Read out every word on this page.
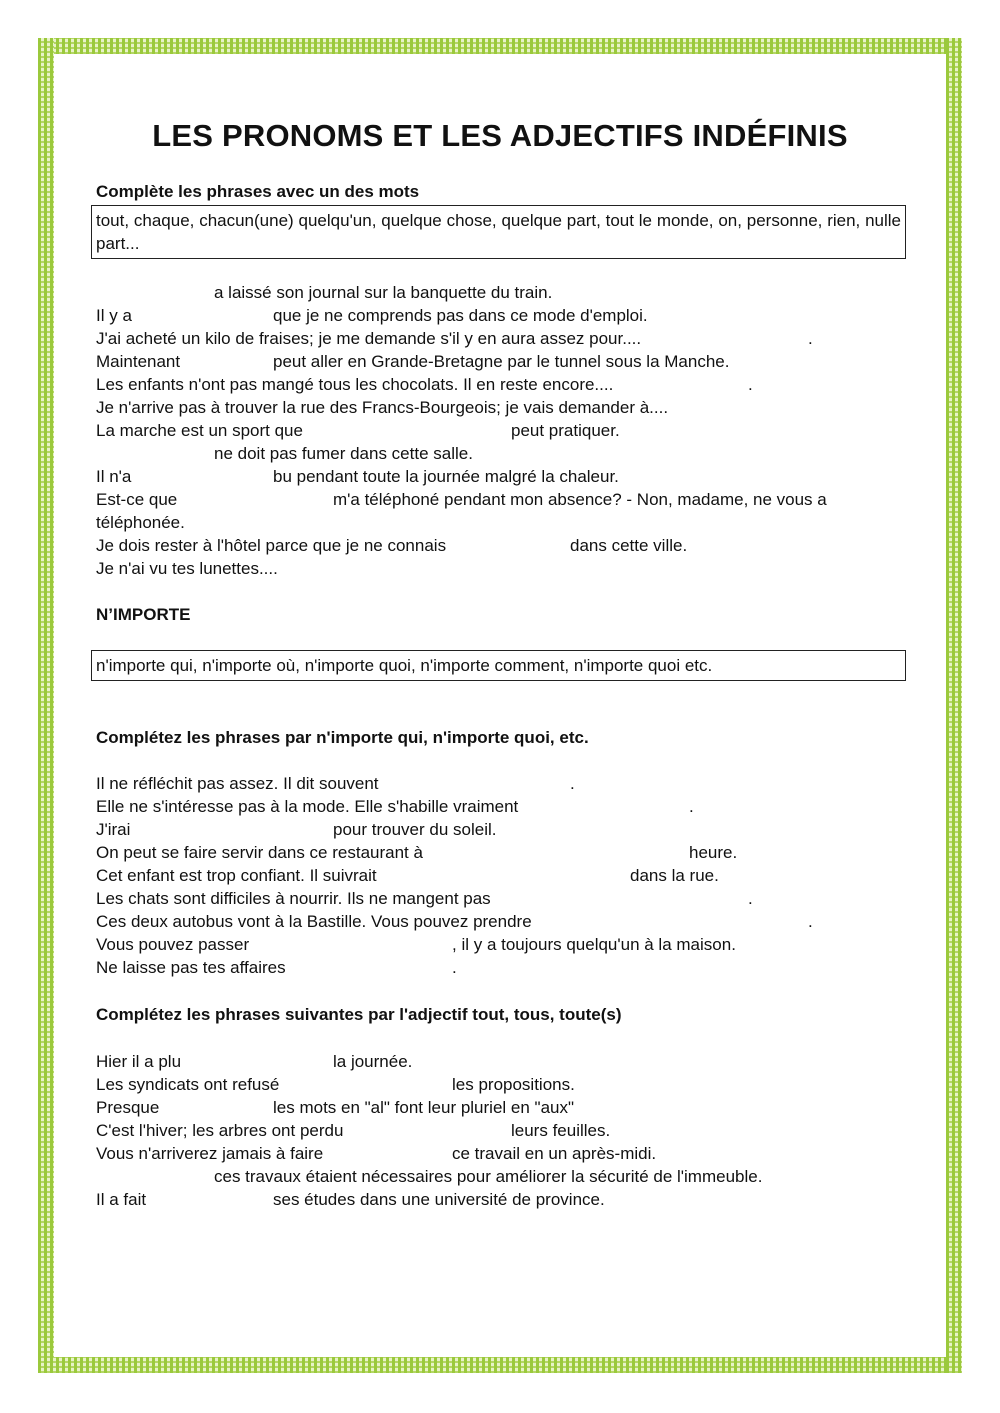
LES PRONOMS ET LES ADJECTIFS INDÉFINIS
Complète les phrases avec un des mots
tout, chaque, chacun(une) quelqu'un, quelque chose, quelque part, tout le monde, on, personne, rien, nulle part...
a laissé son journal sur la banquette du train.
Il y a	que je ne comprends pas dans ce mode d'emploi.
J'ai acheté un kilo de fraises; je me demande s'il y en aura assez pour....	.
Maintenant	peut aller en Grande-Bretagne par le tunnel sous la Manche.
Les enfants n'ont pas mangé tous les chocolats. Il en reste encore....	.
Je n'arrive pas à trouver la rue des Francs-Bourgeois; je vais demander à....
La marche est un sport que	peut pratiquer.
ne doit pas fumer dans cette salle.
Il n'a	bu pendant toute la journée malgré la chaleur.
Est-ce que	m'a téléphoné pendant mon absence? - Non, madame, ne vous a
téléphonée.
Je dois rester à l'hôtel parce que je ne connais	dans cette ville.
Je n'ai vu tes lunettes....
N’IMPORTE
n'importe qui, n'importe où, n'importe quoi, n'importe comment, n'importe quoi etc.
Complétez les phrases par n'importe qui, n'importe quoi, etc.
Il ne réfléchit pas assez. Il dit souvent	.
Elle ne s'intéresse pas à la mode. Elle s'habille vraiment	.
J'irai	pour trouver du soleil.
On peut se faire servir dans ce restaurant à	heure.
Cet enfant est trop confiant. Il suivrait	dans la rue.
Les chats sont difficiles à nourrir. Ils ne mangent pas	.
Ces deux autobus vont à la Bastille. Vous pouvez prendre	.
Vous pouvez passer	, il y a toujours quelqu'un à la maison.
Ne laisse pas tes affaires	.
Complétez les phrases suivantes par l'adjectif tout, tous, toute(s)
Hier il a plu	la journée.
Les syndicats ont refusé	les propositions.
Presque	les mots en "al" font leur pluriel en "aux"
C'est l'hiver; les arbres ont perdu	leurs feuilles.
Vous n'arriverez jamais à faire	ce travail en un après-midi.
ces travaux étaient nécessaires pour améliorer la sécurité de l'immeuble.
Il a fait	ses études dans une université de province.
